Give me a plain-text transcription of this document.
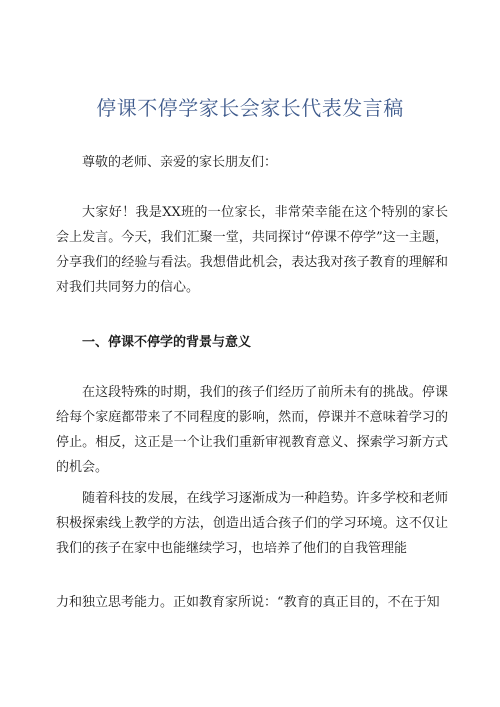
停课不停学家长会家长代表发言稿

尊敬的老师、亲爱的家长朋友们：

大家好！我是XX班的一位家长，非常荣幸能在这个特别的家长会上发言。今天，我们汇聚一堂，共同探讨“停课不停学”这一主题，分享我们的经验与看法。我想借此机会，表达我对孩子教育的理解和对我们共同努力的信心。

一、停课不停学的背景与意义

在这段特殊的时期，我们的孩子们经历了前所未有的挑战。停课给每个家庭都带来了不同程度的影响，然而，停课并不意味着学习的停止。相反，这正是一个让我们重新审视教育意义、探索学习新方式的机会。

随着科技的发展，在线学习逐渐成为一种趋势。许多学校和老师积极探索线上教学的方法，创造出适合孩子们的学习环境。这不仅让我们的孩子在家中也能继续学习，也培养了他们的自我管理能

力和独立思考能力。正如教育家所说：“教育的真正目的，不在于知
